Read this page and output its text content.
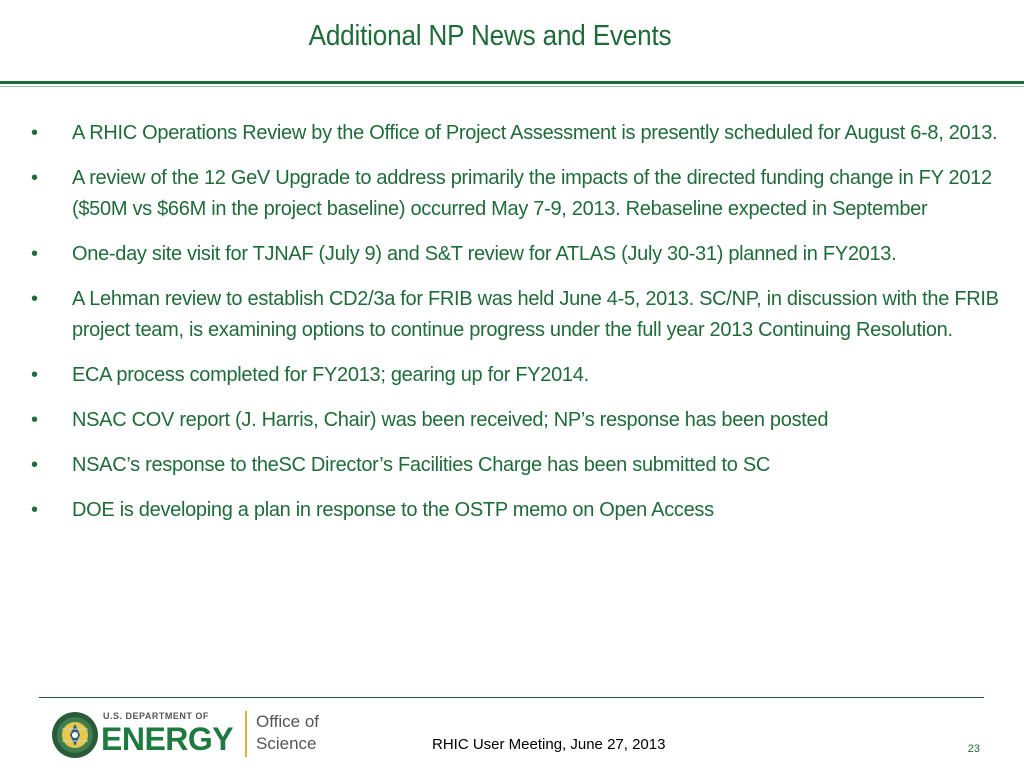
Additional NP News and Events
•	A RHIC Operations Review by the Office of Project Assessment is presently scheduled for August 6-8, 2013.
•	A review of the 12 GeV Upgrade to address primarily the impacts of the directed funding change in FY 2012 ($50M vs $66M in the project baseline) occurred May 7-9, 2013. Rebaseline expected in September
•	One-day site visit for TJNAF (July 9) and S&T review for ATLAS (July 30-31) planned in FY2013.
•	A Lehman review to establish CD2/3a for FRIB was held June 4-5, 2013. SC/NP, in discussion with the FRIB project team, is examining options to continue progress under the full year 2013 Continuing Resolution.
•	ECA process completed for FY2013; gearing up for FY2014.
•	NSAC COV report (J. Harris, Chair) was been received; NP’s response has been posted
•	NSAC’s response to theSC Director’s Facilities Charge has been submitted to SC
•	DOE is developing a plan in response to the OSTP memo on Open Access
U.S. DEPARTMENT OF
ENERGY Office of
Science	RHIC User Meeting, June 27, 2013	23
